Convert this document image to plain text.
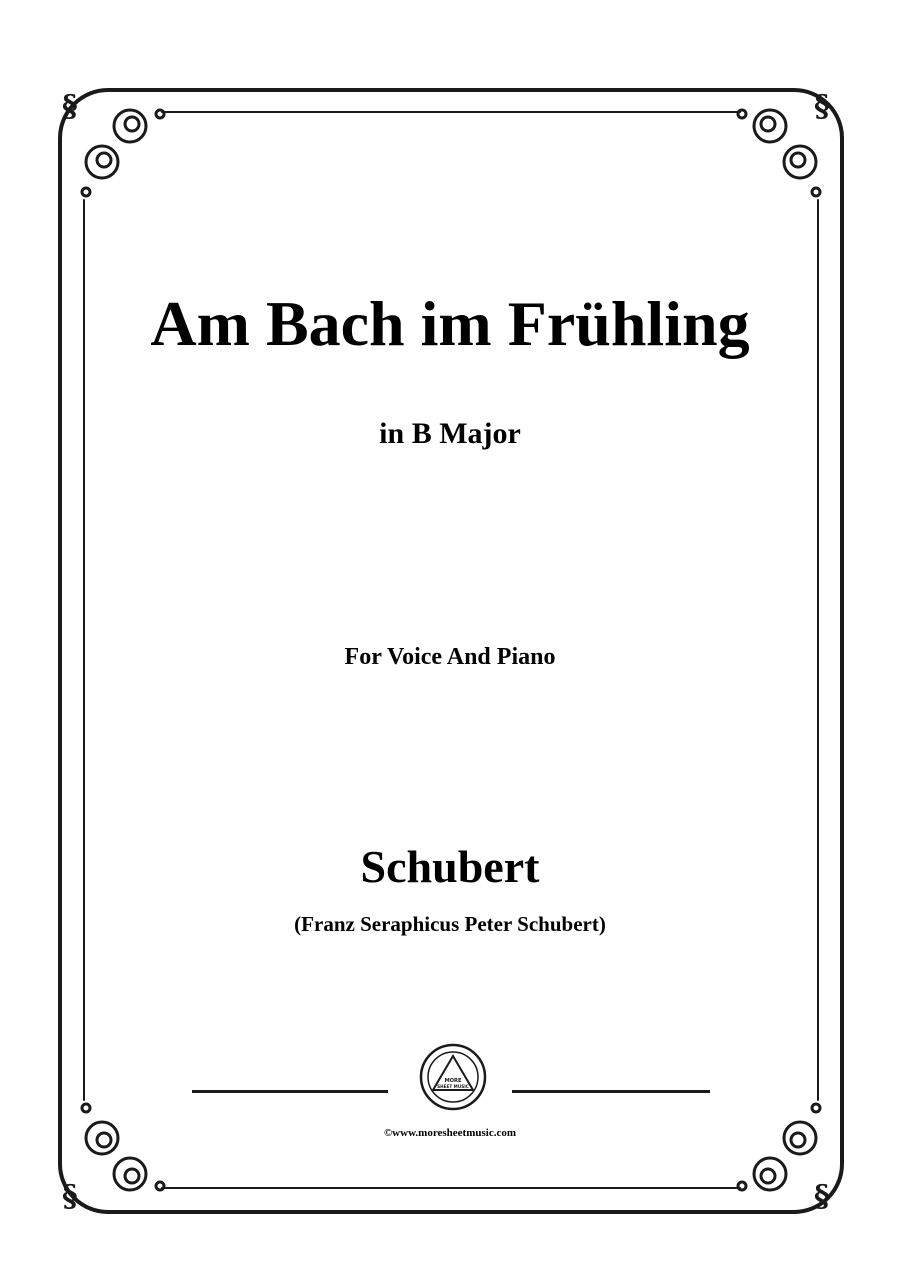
§	§
§	§
Am Bach im Frühling
in B Major
For Voice And Piano
Schubert
(Franz Seraphicus Peter Schubert)
MORE
SHEET MUSIC
©www.moresheetmusic.com
